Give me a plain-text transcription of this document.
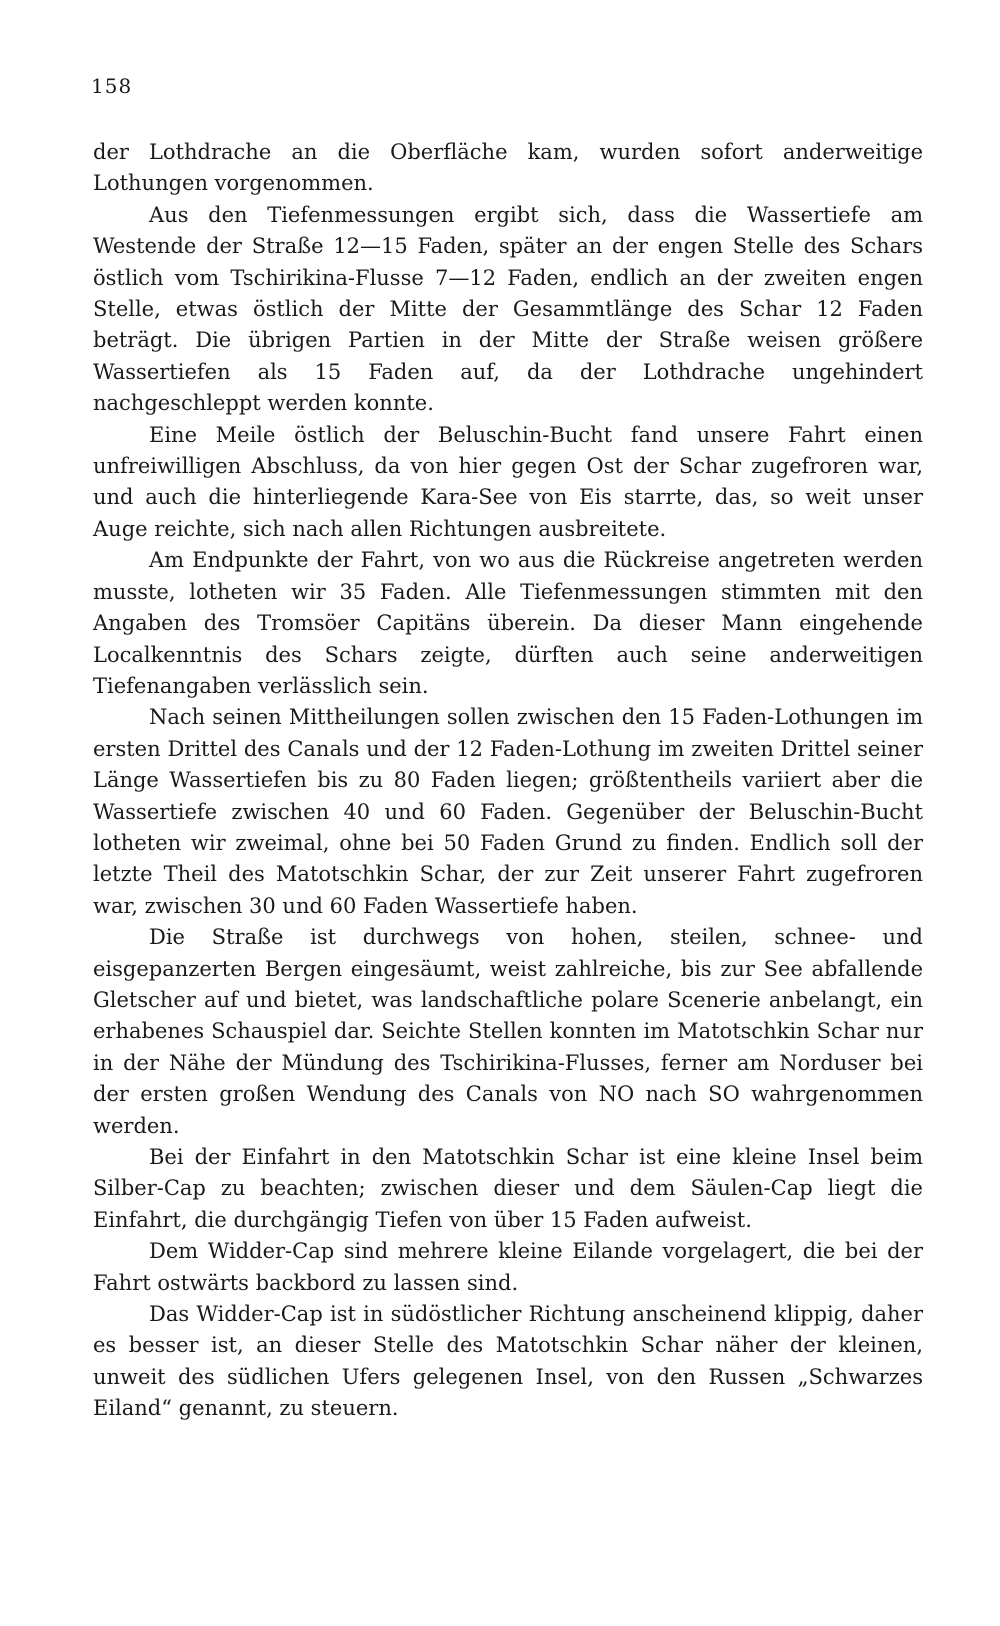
158

der Lothdrache an die Oberfläche kam, wurden sofort anderweitige Lothungen vorgenommen.

Aus den Tiefenmessungen ergibt sich, dass die Wassertiefe am Westende der Straße 12—15 Faden, später an der engen Stelle des Schars östlich vom Tschirikina-Flusse 7—12 Faden, endlich an der zweiten engen Stelle, etwas östlich der Mitte der Gesammtlänge des Schar 12 Faden beträgt. Die übrigen Partien in der Mitte der Straße weisen größere Wassertiefen als 15 Faden auf, da der Lothdrache ungehindert nachgeschleppt werden konnte.

Eine Meile östlich der Beluschin-Bucht fand unsere Fahrt einen unfreiwilligen Abschluss, da von hier gegen Ost der Schar zugefroren war, und auch die hinterliegende Kara-See von Eis starrte, das, so weit unser Auge reichte, sich nach allen Richtungen ausbreitete.

Am Endpunkte der Fahrt, von wo aus die Rückreise angetreten werden musste, lotheten wir 35 Faden. Alle Tiefenmessungen stimmten mit den Angaben des Tromsöer Capitäns überein. Da dieser Mann eingehende Localkenntnis des Schars zeigte, dürften auch seine anderweitigen Tiefenangaben verlässlich sein.

Nach seinen Mittheilungen sollen zwischen den 15 Faden-Lothungen im ersten Drittel des Canals und der 12 Faden-Lothung im zweiten Drittel seiner Länge Wassertiefen bis zu 80 Faden liegen; größtentheils variiert aber die Wassertiefe zwischen 40 und 60 Faden. Gegenüber der Beluschin-Bucht lotheten wir zweimal, ohne bei 50 Faden Grund zu finden. Endlich soll der letzte Theil des Matotschkin Schar, der zur Zeit unserer Fahrt zugefroren war, zwischen 30 und 60 Faden Wassertiefe haben.

Die Straße ist durchwegs von hohen, steilen, schnee- und eisgepanzerten Bergen eingesäumt, weist zahlreiche, bis zur See abfallende Gletscher auf und bietet, was landschaftliche polare Scenerie anbelangt, ein erhabenes Schauspiel dar. Seichte Stellen konnten im Matotschkin Schar nur in der Nähe der Mündung des Tschirikina-Flusses, ferner am Norduser bei der ersten großen Wendung des Canals von NO nach SO wahrgenommen werden.

Bei der Einfahrt in den Matotschkin Schar ist eine kleine Insel beim Silber-Cap zu beachten; zwischen dieser und dem Säulen-Cap liegt die Einfahrt, die durchgängig Tiefen von über 15 Faden aufweist.

Dem Widder-Cap sind mehrere kleine Eilande vorgelagert, die bei der Fahrt ostwärts backbord zu lassen sind.

Das Widder-Cap ist in südöstlicher Richtung anscheinend klippig, daher es besser ist, an dieser Stelle des Matotschkin Schar näher der kleinen, unweit des südlichen Ufers gelegenen Insel, von den Russen „Schwarzes Eiland“ genannt, zu steuern.
